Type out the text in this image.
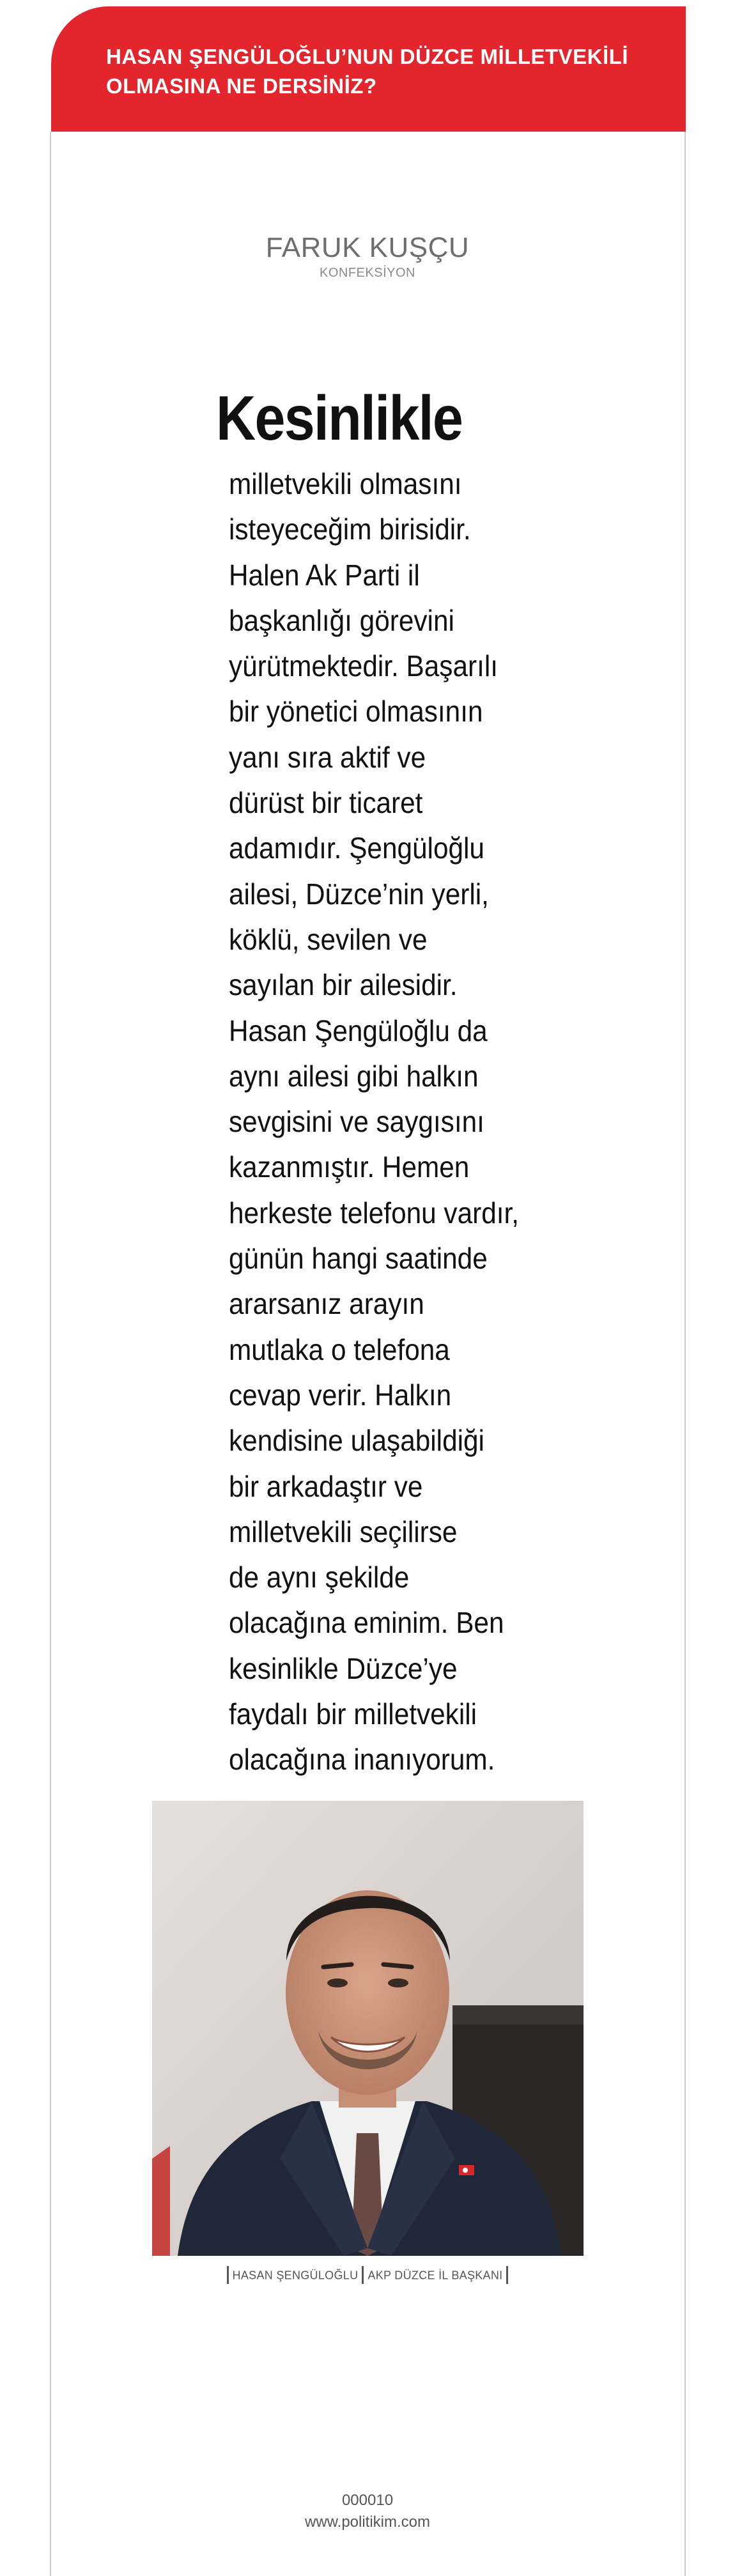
HASAN ŞENGÜLOĞLU’NUN DÜZCE MİLLETVEKİLİ
OLMASINA NE DERSİNİZ?
FARUK KUŞÇU
KONFEKSİYON
Kesinlikle
milletvekili olmasını
isteyeceğim birisidir.
Halen Ak Parti il
başkanlığı görevini
yürütmektedir. Başarılı
bir yönetici olmasının
yanı sıra aktif ve
dürüst bir ticaret
adamıdır. Şengüloğlu
ailesi, Düzce’nin yerli,
köklü, sevilen ve
sayılan bir ailesidir.
Hasan Şengüloğlu da
aynı ailesi gibi halkın
sevgisini ve saygısını
kazanmıştır. Hemen
herkeste telefonu vardır,
günün hangi saatinde
ararsanız arayın
mutlaka o telefona
cevap verir. Halkın
kendisine ulaşabildiği
bir arkadaştır ve
milletvekili seçilirse
de aynı şekilde
olacağına eminim. Ben
kesinlikle Düzce’ye
faydalı bir milletvekili
olacağına inanıyorum.
HASAN ŞENGÜLOĞLU AKP DÜZCE İL BAŞKANI
000010
www.politikim.com
